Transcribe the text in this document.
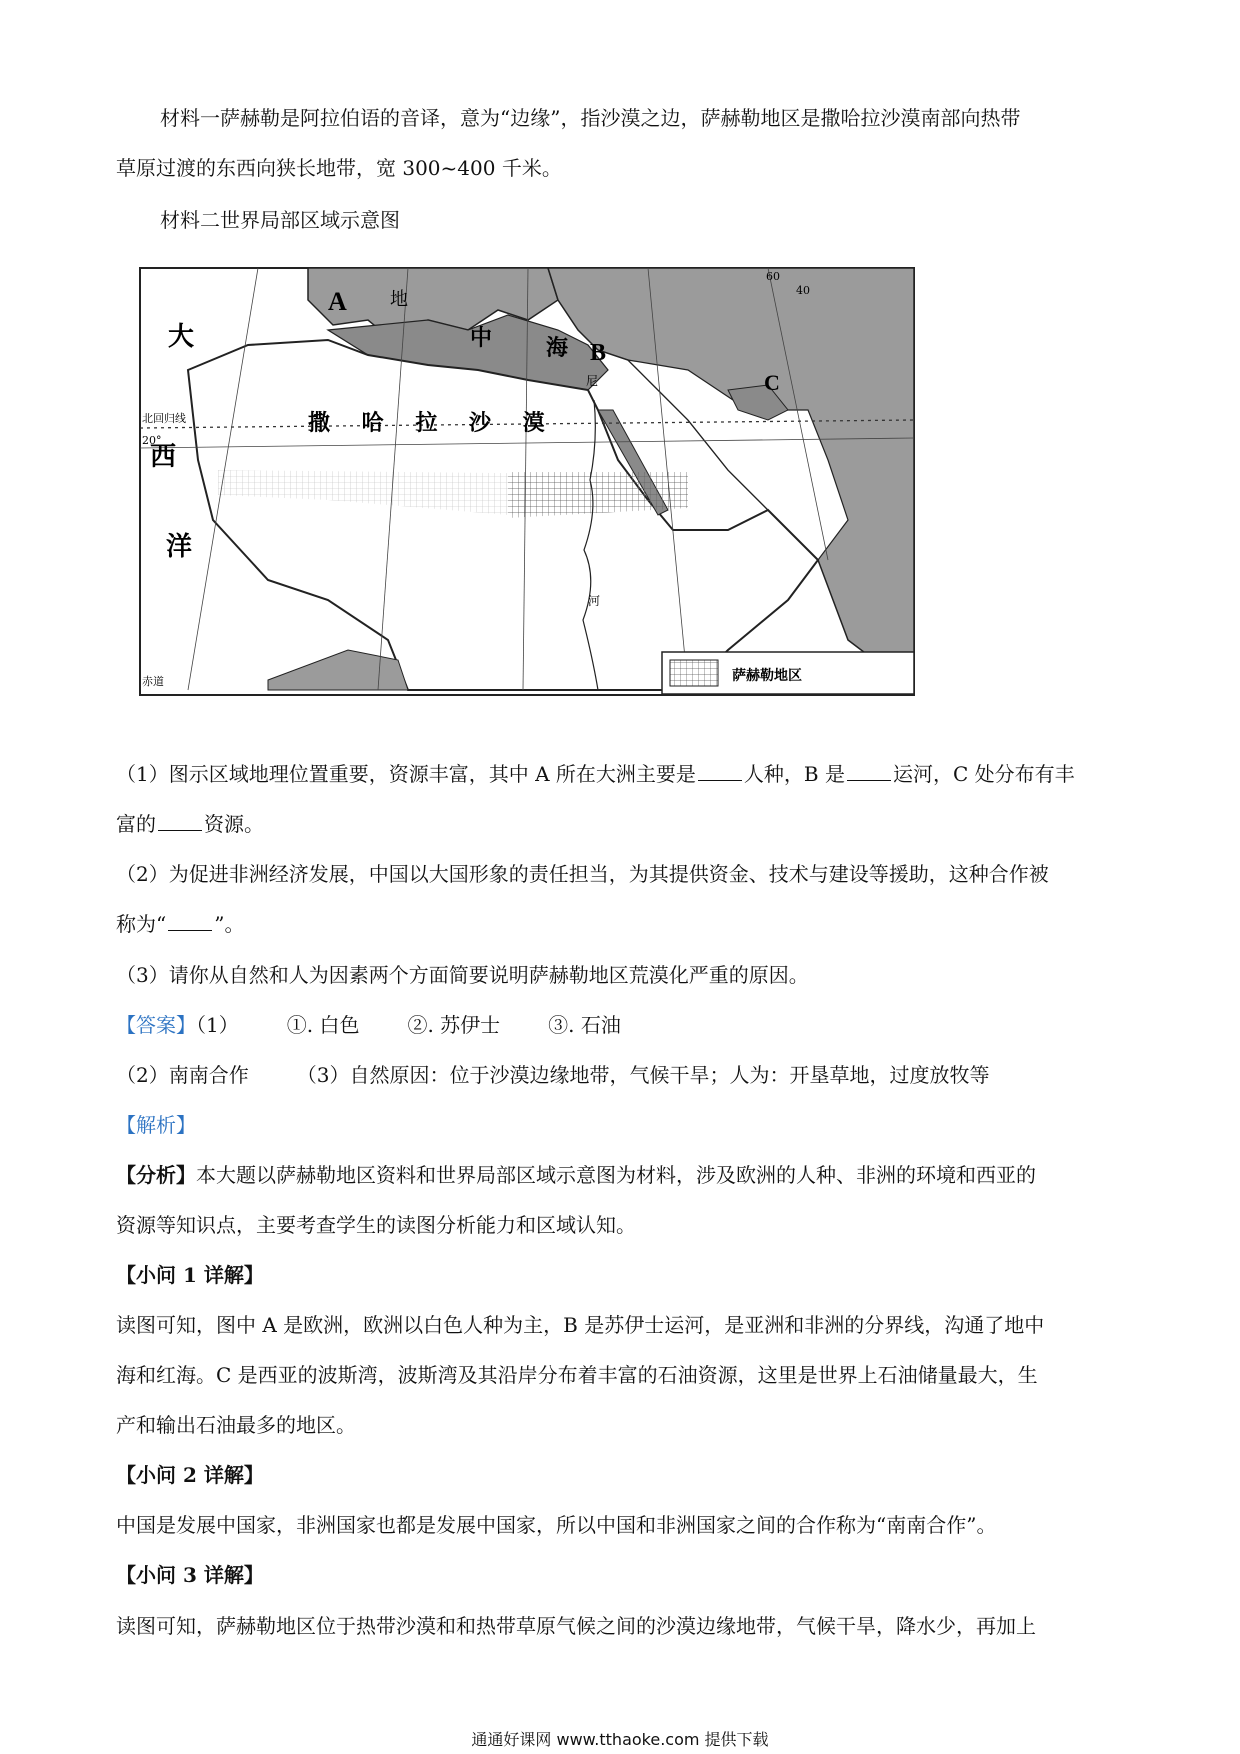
材料一萨赫勒是阿拉伯语的音译，意为“边缘”，指沙漠之边，萨赫勒地区是撒哈拉沙漠南部向热带
草原过渡的东西向狭长地带，宽 300~400 千米。
材料二世界局部区域示意图
A
B
C
地
中 海
大
西
洋
撒 哈 拉 沙 漠
北回归线
20°
赤道
60
40
尼
河
萨赫勒地区
（1）图示区域地理位置重要，资源丰富，其中 A 所在大洲主要是 人种，B 是 运河，C 处分布有丰
富的 资源。
（2）为促进非洲经济发展，中国以大国形象的责任担当，为其提供资金、技术与建设等援助，这种合作被
称为“ ”。
（3）请你从自然和人为因素两个方面简要说明萨赫勒地区荒漠化严重的原因。
【答案】（1） ①. 白色 ②. 苏伊士 ③. 石油
（2）南南合作 （3）自然原因：位于沙漠边缘地带，气候干旱；人为：开垦草地，过度放牧等
【解析】
【分析】本大题以萨赫勒地区资料和世界局部区域示意图为材料，涉及欧洲的人种、非洲的环境和西亚的
资源等知识点，主要考查学生的读图分析能力和区域认知。
【小问 1 详解】
读图可知，图中 A 是欧洲，欧洲以白色人种为主，B 是苏伊士运河，是亚洲和非洲的分界线，沟通了地中
海和红海。C 是西亚的波斯湾，波斯湾及其沿岸分布着丰富的石油资源，这里是世界上石油储量最大，生
产和输出石油最多的地区。
【小问 2 详解】
中国是发展中国家，非洲国家也都是发展中国家，所以中国和非洲国家之间的合作称为“南南合作”。
【小问 3 详解】
读图可知，萨赫勒地区位于热带沙漠和和热带草原气候之间的沙漠边缘地带，气候干旱，降水少，再加上
通通好课网 www.tthaoke.com 提供下载
